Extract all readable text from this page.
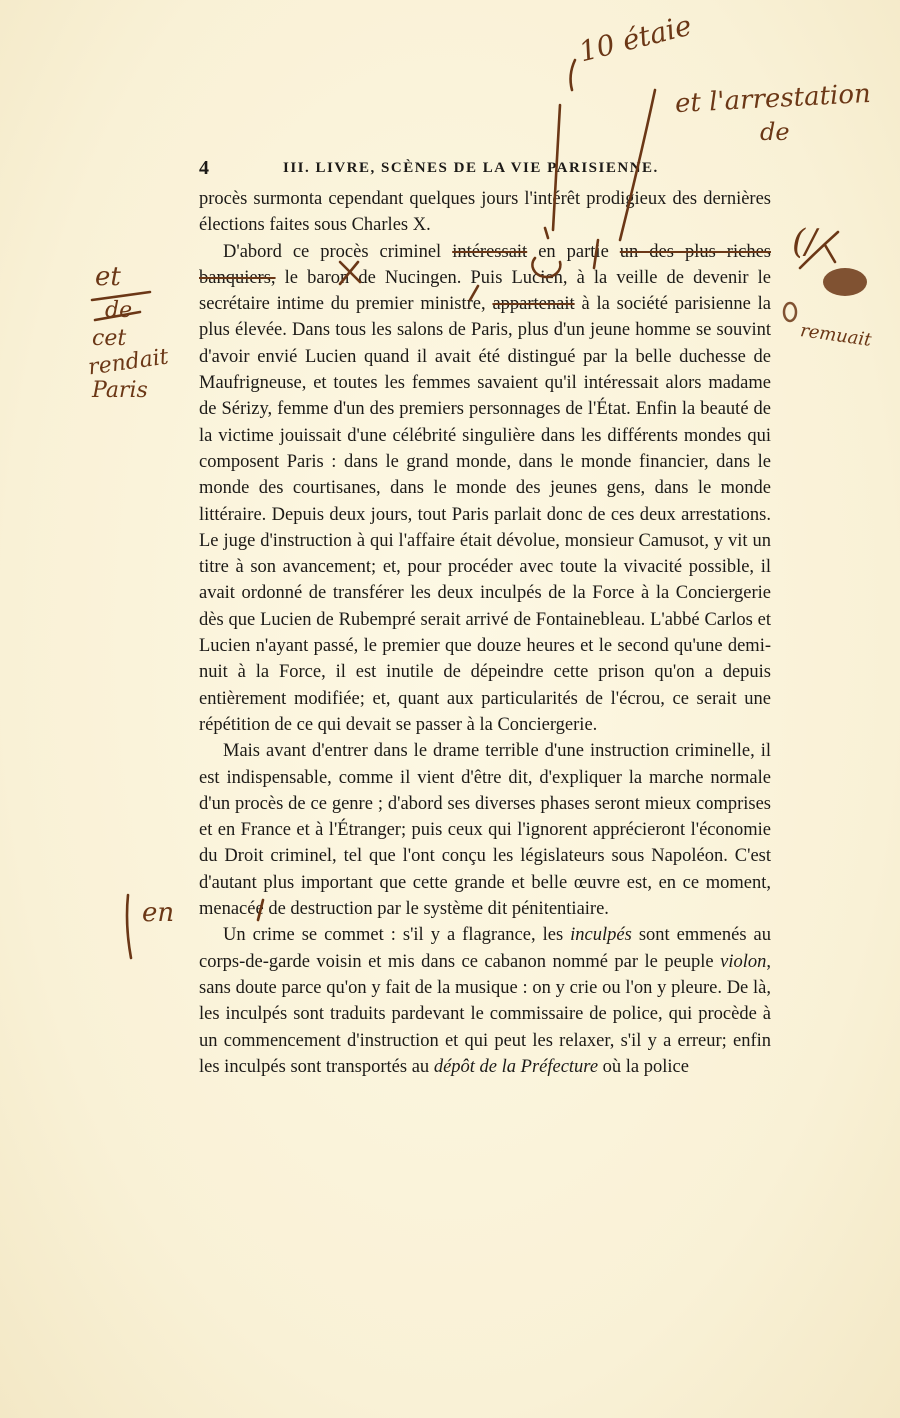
4	III. LIVRE, SCÈNES DE LA VIE PARISIENNE.

procès surmonta cependant quelques jours l'intérêt prodigieux des dernières élections faites sous Charles X.

D'abord ce procès criminel intéressait en partie un des plus riches banquiers, le baron de Nucingen. Puis Lucien, à la veille de devenir le secrétaire intime du premier ministre, appartenait à la société parisienne la plus élevée. Dans tous les salons de Paris, plus d'un jeune homme se souvint d'avoir envié Lucien quand il avait été distingué par la belle duchesse de Maufrigneuse, et toutes les femmes savaient qu'il intéressait alors madame de Sérizy, femme d'un des premiers personnages de l'État. Enfin la beauté de la victime jouissait d'une célébrité singulière dans les différents mondes qui composent Paris : dans le grand monde, dans le monde financier, dans le monde des courtisanes, dans le monde des jeunes gens, dans le monde littéraire. Depuis deux jours, tout Paris parlait donc de ces deux arrestations. Le juge d'instruction à qui l'affaire était dévolue, monsieur Camusot, y vit un titre à son avancement; et, pour procéder avec toute la vivacité possible, il avait ordonné de transférer les deux inculpés de la Force à la Conciergerie dès que Lucien de Rubempré serait arrivé de Fontainebleau. L'abbé Carlos et Lucien n'ayant passé, le premier que douze heures et le second qu'une demi-nuit à la Force, il est inutile de dépeindre cette prison qu'on a depuis entièrement modifiée; et, quant aux particularités de l'écrou, ce serait une répétition de ce qui devait se passer à la Conciergerie.

Mais avant d'entrer dans le drame terrible d'une instruction criminelle, il est indispensable, comme il vient d'être dit, d'expliquer la marche normale d'un procès de ce genre ; d'abord ses diverses phases seront mieux comprises et en France et à l'Étranger; puis ceux qui l'ignorent apprécieront l'économie du Droit criminel, tel que l'ont conçu les législateurs sous Napoléon. C'est d'autant plus important que cette grande et belle œuvre est, en ce moment, menacée de destruction par le système dit pénitentiaire.

Un crime se commet : s'il y a flagrance, les inculpés sont emmenés au corps-de-garde voisin et mis dans ce cabanon nommé par le peuple violon, sans doute parce qu'on y fait de la musique : on y crie ou l'on y pleure. De là, les inculpés sont traduits pardevant le commissaire de police, qui procède à un commencement d'instruction et qui peut les relaxer, s'il y a erreur; enfin les inculpés sont transportés au dépôt de la Préfecture où la police

10 étaie
et l'arrestation
de
(/
remuait
et
de
cet
rendait
Paris
en
